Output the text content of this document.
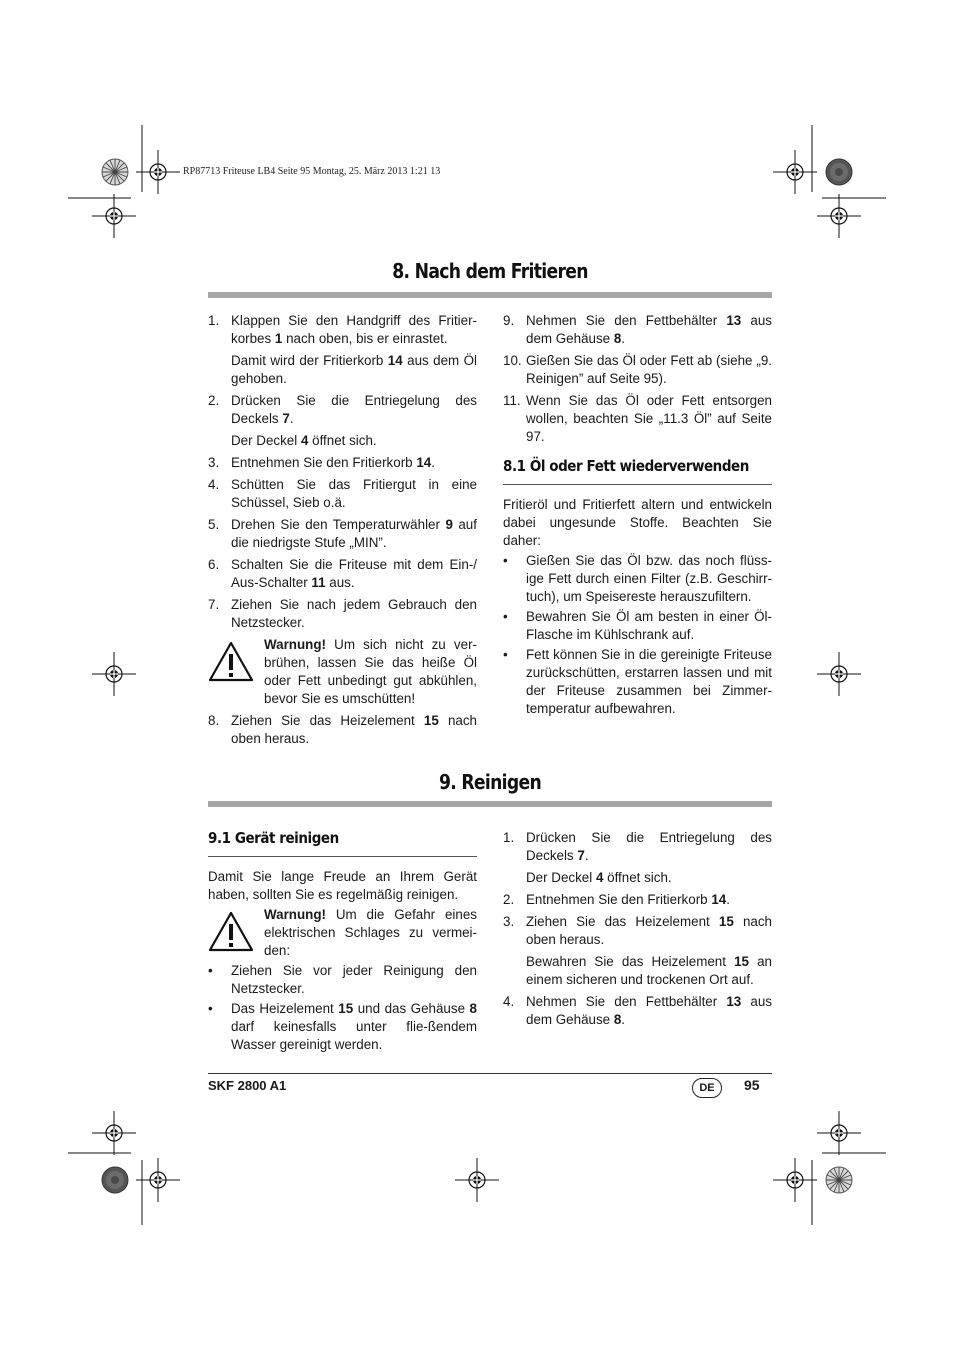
RP87713 Friteuse LB4 Seite 95 Montag, 25. März 2013 1:21 13
8. Nach dem Fritieren
1. Klappen Sie den Handgriff des Fritier-korbes 1 nach oben, bis er einrastet.

Damit wird der Fritierkorb 14 aus dem Öl gehoben.

2. Drücken Sie die Entriegelung des Deckels 7.

Der Deckel 4 öffnet sich.

3. Entnehmen Sie den Fritierkorb 14.
4. Schütten Sie das Fritiergut in eine Schüssel, Sieb o.ä.
5. Drehen Sie den Temperaturwähler 9 auf die niedrigste Stufe „MIN”.
6. Schalten Sie die Friteuse mit dem Ein-/ Aus-Schalter 11 aus.
7. Ziehen Sie nach jedem Gebrauch den Netzstecker.
Warnung! Um sich nicht zu ver-brühen, lassen Sie das heiße Öl oder Fett unbedingt gut abkühlen, bevor Sie es umschütten!
8. Ziehen Sie das Heizelement 15 nach oben heraus.
9. Nehmen Sie den Fettbehälter 13 aus dem Gehäuse 8.
10. Gießen Sie das Öl oder Fett ab (siehe „9. Reinigen” auf Seite 95).
11. Wenn Sie das Öl oder Fett entsorgen wollen, beachten Sie „11.3 Öl” auf Seite 97.
8.1 Öl oder Fett wiederverwenden

Fritieröl und Fritierfett altern und entwickeln dabei ungesunde Stoffe. Beachten Sie daher:

•	Gießen Sie das Öl bzw. das noch flüss-ige Fett durch einen Filter (z.B. Geschirr-tuch), um Speisereste herauszufiltern.
•	Bewahren Sie Öl am besten in einer Öl-Flasche im Kühlschrank auf.
•	Fett können Sie in die gereinigte Friteuse zurückschütten, erstarren lassen und mit der Friteuse zusammen bei Zimmer-temperatur aufbewahren.
9. Reinigen
9.1 Gerät reinigen

Damit Sie lange Freude an Ihrem Gerät haben, sollten Sie es regelmäßig reinigen.

Warnung! Um die Gefahr eines elektrischen Schlages zu vermei-den:
•	Ziehen Sie vor jeder Reinigung den Netzstecker.
•	Das Heizelement 15 und das Gehäuse 8 darf keinesfalls unter flie-ßendem Wasser gereinigt werden.
1. Drücken Sie die Entriegelung des Deckels 7.

Der Deckel 4 öffnet sich.

2. Entnehmen Sie den Fritierkorb 14.
3. Ziehen Sie das Heizelement 15 nach oben heraus.

Bewahren Sie das Heizelement 15 an einem sicheren und trockenen Ort auf.

4. Nehmen Sie den Fettbehälter 13 aus dem Gehäuse 8.
SKF 2800 A1	DE	95
